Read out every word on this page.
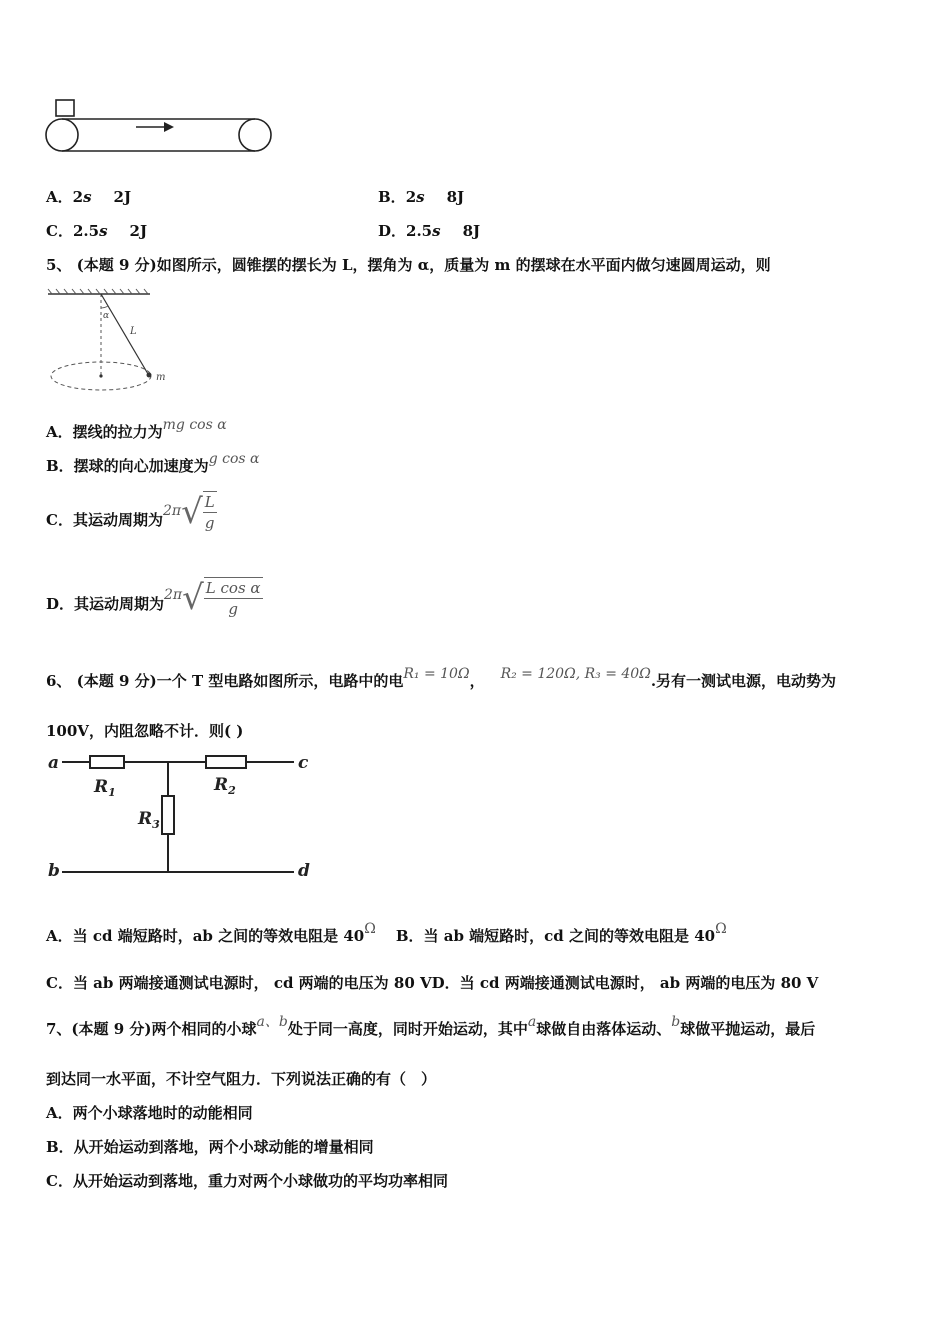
A．2s 2J	B．2s 8J
C．2.5s 2J	D．2.5s 8J
5、 (本题 9 分)如图所示，圆锥摆的摆长为 L，摆角为 α，质量为 m 的摆球在水平面内做匀速圆周运动，则
α
L
m
A．摆线的拉力为mg cos α
B．摆球的向心加速度为g cos α
C．其运动周期为$2\pi√ \frac{L}{g}$
D．其运动周期为$2\pi√ \frac{\text{L cos α}}{g}$
6、 (本题 9 分)一个 T 型电路如图所示，电路中的电R₁ = 10Ω， R₂ = 120Ω, R₃ = 40Ω.另有一测试电源，电动势为
100V，内阻忽略不计．则( )
a	c
b	d
$R_1$	$R_2$
$R_3$
A．当 cd 端短路时，ab 之间的等效电阻是 40Ω B．当 ab 端短路时，cd 之间的等效电阻是 40Ω
C．当 ab 两端接通测试电源时， cd 两端的电压为 80 VD．当 cd 两端接通测试电源时， ab 两端的电压为 80 V
7、(本题 9 分)两个相同的小球a、b处于同一高度，同时开始运动，其中a球做自由落体运动、b球做平抛运动，最后
到达同一水平面，不计空气阻力．下列说法正确的有（　）
A．两个小球落地时的动能相同
B．从开始运动到落地，两个小球动能的增量相同
C．从开始运动到落地，重力对两个小球做功的平均功率相同
